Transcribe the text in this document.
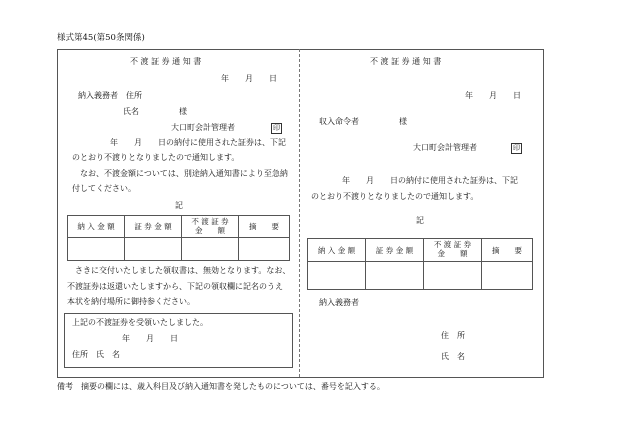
様式第45(第50条関係)
不 渡 証 券 通 知 書
年　　月　　日
納入義務者　住所
氏名　　　　　様
大口町会計管理者	印
年　　月　　日の納付に使用された証券は、下記
のとおり不渡りとなりましたので通知します。
なお、不渡金額については、別途納入通知書により至急納
付してください。
記
納 入 金 額	証 券 金 額	不 渡 証 券
金　　額	摘　　要

さきに交付いたしました領収書は、無効となります。なお、
不渡証券は返還いたしますから、下記の領収欄に記名のうえ
本状を納付場所に御持参ください。
上記の不渡証券を受領いたしました。
年　　月　　日
住所　氏　名
不 渡 証 券 通 知 書
年　　月　　日
収入命令者　　　　　様
大口町会計管理者	印
年　　月　　日の納付に使用された証券は、下記
のとおり不渡りとなりましたので通知します。
記
納 入 金 額	証 券 金 額	不 渡 証 券
金　　額	摘　　要

納入義務者
住　所
氏　名
備考　摘要の欄には、歳入科目及び納入通知書を発したものについては、番号を記入する。
